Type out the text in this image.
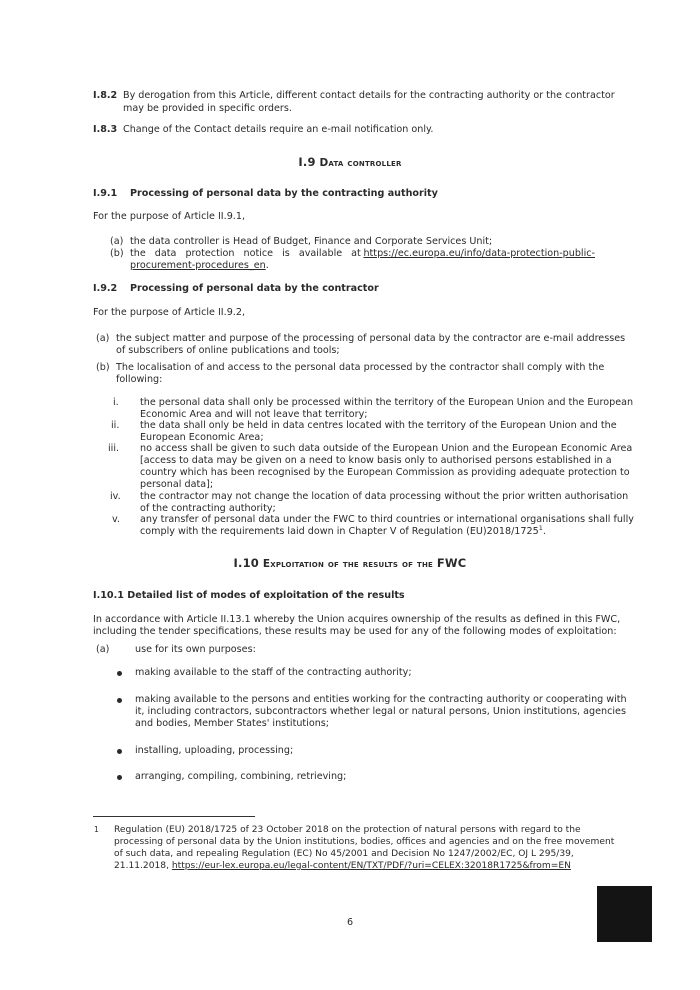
I.8.2 By derogation from this Article, different contact details for the contracting authority or the contractor
may be provided in specific orders.
I.8.3 Change of the Contact details require an e-mail notification only.
I.9 Data controller
I.9.1 Processing of personal data by the contracting authority
For the purpose of Article II.9.1,
(a) the data controller is Head of Budget, Finance and Corporate Services Unit;
(b) the data protection notice is available at https://ec.europa.eu/info/data-protection-public-
procurement-procedures_en.
I.9.2 Processing of personal data by the contractor
For the purpose of Article II.9.2,
(a) the subject matter and purpose of the processing of personal data by the contractor are e-mail addresses
of subscribers of online publications and tools;
(b) The localisation of and access to the personal data processed by the contractor shall comply with the
following:
i. the personal data shall only be processed within the territory of the European Union and the European
Economic Area and will not leave that territory;
ii. the data shall only be held in data centres located with the territory of the European Union and the
European Economic Area;
iii. no access shall be given to such data outside of the European Union and the European Economic Area
[access to data may be given on a need to know basis only to authorised persons established in a
country which has been recognised by the European Commission as providing adequate protection to
personal data];
iv. the contractor may not change the location of data processing without the prior written authorisation
of the contracting authority;
v. any transfer of personal data under the FWC to third countries or international organisations shall fully
comply with the requirements laid down in Chapter V of Regulation (EU)2018/1725$^1$.
I.10 Exploitation of the results of the FWC
I.10.1 Detailed list of modes of exploitation of the results
In accordance with Article II.13.1 whereby the Union acquires ownership of the results as defined in this FWC,
including the tender specifications, these results may be used for any of the following modes of exploitation:
(a)	use for its own purposes:
making available to the staff of the contracting authority;
making available to the persons and entities working for the contracting authority or cooperating with
it, including contractors, subcontractors whether legal or natural persons, Union institutions, agencies
and bodies, Member States' institutions;
installing, uploading, processing;
arranging, compiling, combining, retrieving;
1 Regulation (EU) 2018/1725 of 23 October 2018 on the protection of natural persons with regard to the
processing of personal data by the Union institutions, bodies, offices and agencies and on the free movement
of such data, and repealing Regulation (EC) No 45/2001 and Decision No 1247/2002/EC, OJ L 295/39,
21.11.2018, https://eur-lex.europa.eu/legal-content/EN/TXT/PDF/?uri=CELEX:32018R1725&from=EN
6
